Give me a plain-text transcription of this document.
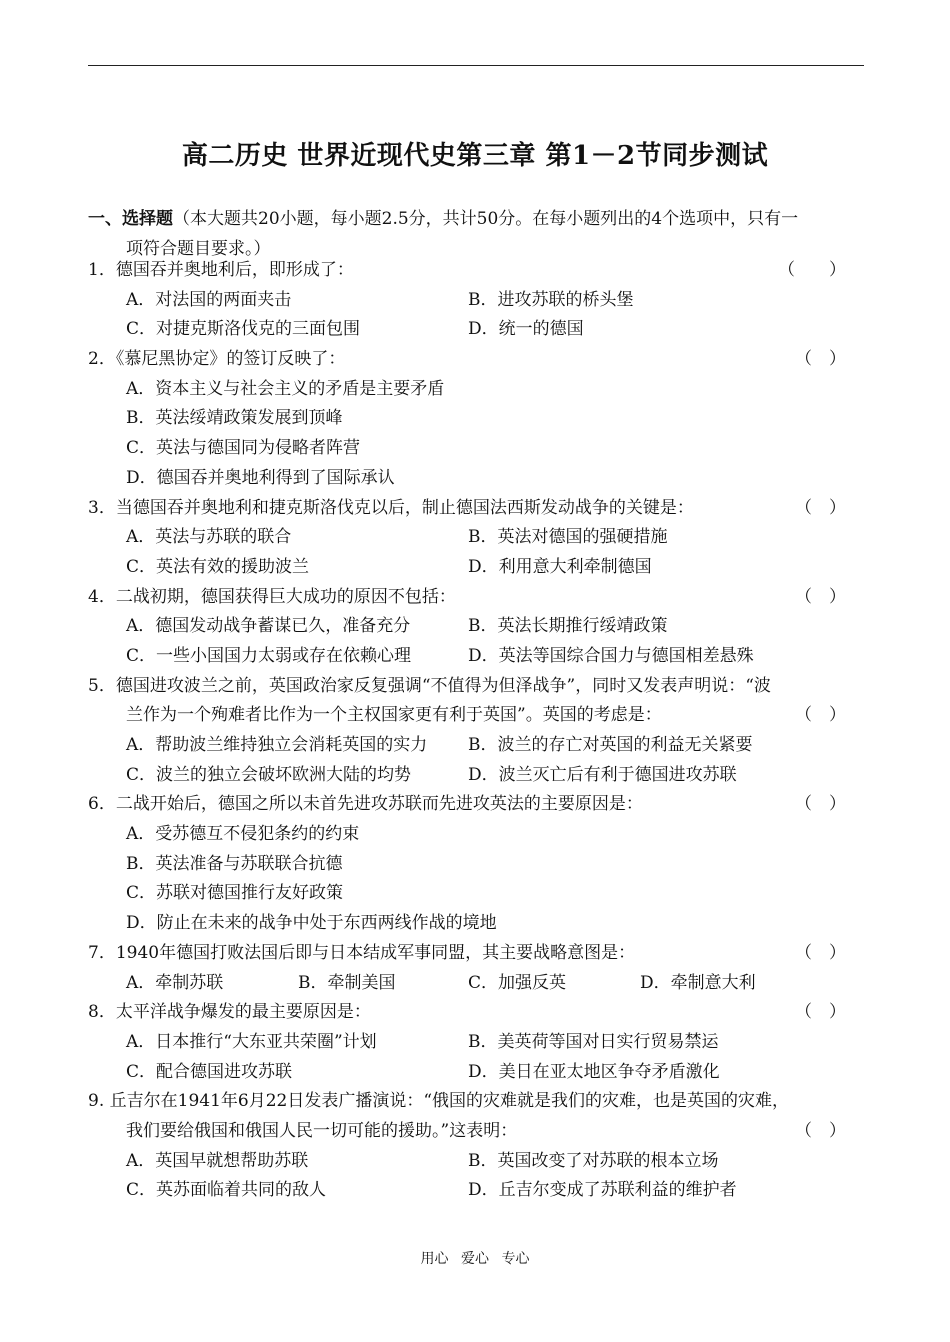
高二历史 世界近现代史第三章 第1－2节同步测试
一、选择题（本大题共20小题，每小题2.5分，共计50分。在每小题列出的4个选项中，只有一
项符合题目要求。）
1．德国吞并奥地利后，即形成了：	（　　）
A．对法国的两面夹击	B．进攻苏联的桥头堡
C．对捷克斯洛伐克的三面包围	D．统一的德国
2．《慕尼黑协定》的签订反映了：	（　）
A．资本主义与社会主义的矛盾是主要矛盾
B．英法绥靖政策发展到顶峰
C．英法与德国同为侵略者阵营
D．德国吞并奥地利得到了国际承认
3．当德国吞并奥地利和捷克斯洛伐克以后，制止德国法西斯发动战争的关键是：	（　）
A．英法与苏联的联合	B．英法对德国的强硬措施
C．英法有效的援助波兰	D．利用意大利牵制德国
4．二战初期，德国获得巨大成功的原因不包括：	（　）
A．德国发动战争蓄谋已久，准备充分	B．英法长期推行绥靖政策
C．一些小国国力太弱或存在依赖心理	D．英法等国综合国力与德国相差悬殊
5．德国进攻波兰之前，英国政治家反复强调“不值得为但泽战争”，同时又发表声明说：“波
兰作为一个殉难者比作为一个主权国家更有利于英国”。英国的考虑是：	（　）
A．帮助波兰维持独立会消耗英国的实力 B．波兰的存亡对英国的利益无关紧要
C．波兰的独立会破坏欧洲大陆的均势	D．波兰灭亡后有利于德国进攻苏联
6．二战开始后，德国之所以未首先进攻苏联而先进攻英法的主要原因是：	（　）
A．受苏德互不侵犯条约的约束
B．英法准备与苏联联合抗德
C．苏联对德国推行友好政策
D．防止在未来的战争中处于东西两线作战的境地
7．1940年德国打败法国后即与日本结成军事同盟，其主要战略意图是：	（　）
A．牵制苏联	B．牵制美国	C．加强反英	D．牵制意大利
8．太平洋战争爆发的最主要原因是：	（　）
A．日本推行“大东亚共荣圈”计划	B．美英荷等国对日实行贸易禁运
C．配合德国进攻苏联	D．美日在亚太地区争夺矛盾激化
9. 丘吉尔在1941年6月22日发表广播演说：“俄国的灾难就是我们的灾难，也是英国的灾难，
我们要给俄国和俄国人民一切可能的援助。”这表明：	（　）
A．英国早就想帮助苏联	B．英国改变了对苏联的根本立场
C．英苏面临着共同的敌人	D．丘吉尔变成了苏联利益的维护者
用心 爱心 专心
